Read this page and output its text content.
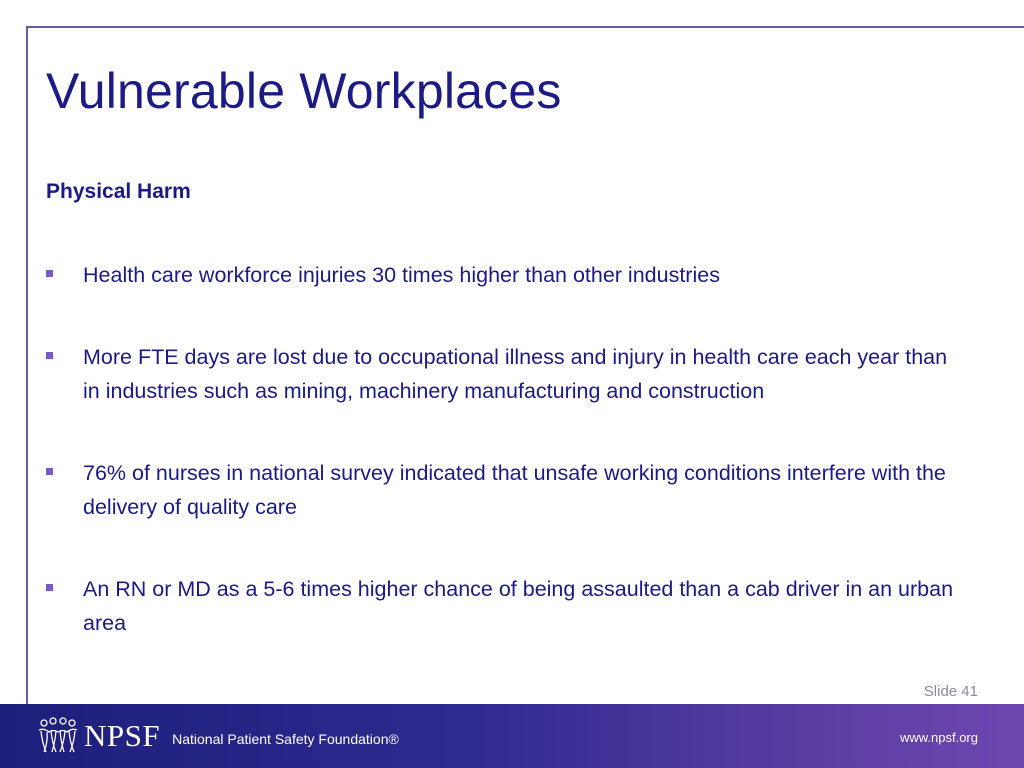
Vulnerable Workplaces

Physical Harm

Health care workforce injuries 30 times higher than other industries
More FTE days are lost due to occupational illness and injury in health care each year than in industries such as mining, machinery manufacturing and construction
76% of nurses in national survey indicated that unsafe working conditions interfere with the delivery of quality care
An RN or MD as a 5-6 times higher chance of being assaulted than a cab driver in an urban area
Slide 41
NPSF National Patient Safety Foundation®	www.npsf.org
